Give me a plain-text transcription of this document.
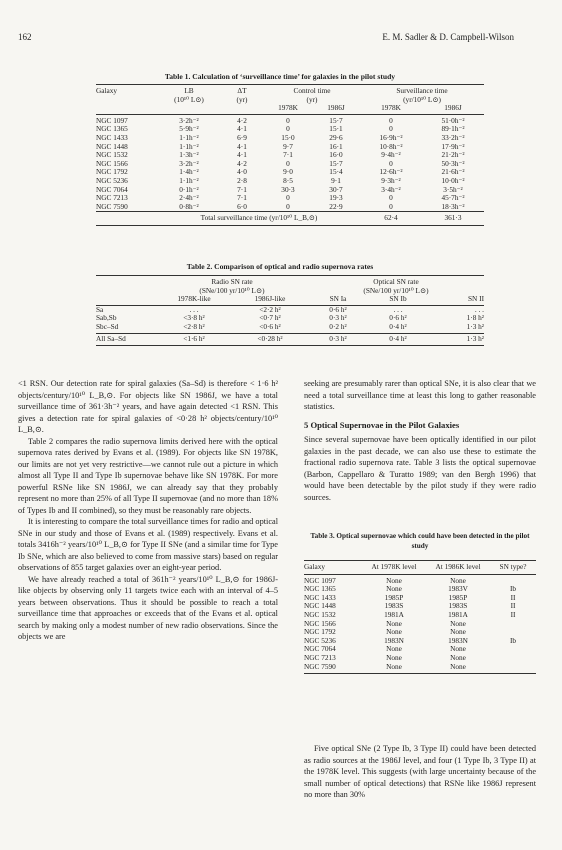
162	E. M. Sadler & D. Campbell-Wilson
Table 1. Calculation of ‘surveillance time’ for galaxies in the pilot study
Galaxy	LB	ΔT	Control time		Surveillance time	
	(10¹⁰ L⊙)	(yr)	(yr)		(yr/10¹⁰ L⊙)	
			1978K	1986J	1978K	1986J
NGC 1097	3·2h⁻²	4·2	0	15·7	0	51·0h⁻²
NGC 1365	5·9h⁻²	4·1	0	15·1	0	89·1h⁻²
NGC 1433	1·1h⁻²	6·9	15·0	29·6	16·9h⁻²	33·2h⁻²
NGC 1448	1·1h⁻²	4·1	9·7	16·1	10·8h⁻²	17·9h⁻²
NGC 1532	1·3h⁻²	4·1	7·1	16·0	9·4h⁻²	21·2h⁻²
NGC 1566	3·2h⁻²	4·2	0	15·7	0	50·3h⁻²
NGC 1792	1·4h⁻²	4·0	9·0	15·4	12·6h⁻²	21·6h⁻²
NGC 5236	1·1h⁻²	2·8	8·5	9·1	9·3h⁻²	10·0h⁻²
NGC 7064	0·1h⁻²	7·1	30·3	30·7	3·4h⁻²	3·5h⁻²
NGC 7213	2·4h⁻²	7·1	0	19·3	0	45·7h⁻²
NGC 7590	0·8h⁻²	6·0	0	22·9	0	18·3h⁻²
	Total surveillance time (yr/10¹⁰ L_B,⊙)				62·4	361·3
Table 2. Comparison of optical and radio supernova rates
	Radio SN rate		Optical SN rate		
	(SNe/100 yr/10¹⁰ L⊙)		(SNe/100 yr/10¹⁰ L⊙)		
	1978K-like	1986J-like	SN Ia	SN Ib	SN II
Sa	. . .	<2·2 h²	0·6 h²	. . .	. . .
Sab,Sb	<3·8 h²	<0·7 h²	0·3 h²	0·6 h²	1·8 h²
Sbc–Sd	<2·8 h²	<0·6 h²	0·2 h²	0·4 h²	1·3 h²
All Sa–Sd	<1·6 h²	<0·28 h²	0·3 h²	0·4 h²	1·3 h²

<1 RSN. Our detection rate for spiral galaxies (Sa–Sd) is therefore < 1·6 h² objects/century/10¹⁰ L_B,⊙. For objects like SN 1986J, we have a total surveillance time of 361·3h⁻² years, and have again detected <1 RSN. This gives a detection rate for spiral galaxies of <0·28 h² objects/century/10¹⁰ L_B,⊙.

Table 2 compares the radio supernova limits derived here with the optical supernova rates derived by Evans et al. (1989). For objects like SN 1978K, our limits are not yet very restrictive—we cannot rule out a picture in which almost all Type II and Type Ib supernovae behave like SN 1978K. For more powerful RSNe like SN 1986J, we can already say that they probably represent no more than 25% of all Type II supernovae (and no more than 18% of Types Ib and II combined), so they must be reasonably rare objects.

It is interesting to compare the total surveillance times for radio and optical SNe in our study and those of Evans et al. (1989) respectively. Evans et al. totals 3416h⁻² years/10¹⁰ L_B,⊙ for Type II SNe (and a similar time for Type Ib SNe, which are also believed to come from massive stars) based on regular observations of 855 target galaxies over an eight-year period.

We have already reached a total of 361h⁻² years/10¹⁰ L_B,⊙ for 1986J-like objects by observing only 11 targets twice each with an interval of 4–5 years between observations. Thus it should be possible to reach a total surveillance time that approaches or exceeds that of the Evans et al. optical search by making only a modest number of new radio observations. Since the objects we are

seeking are presumably rarer than optical SNe, it is also clear that we need a total surveillance time at least this long to gather reasonable statistics.

5 Optical Supernovae in the Pilot Galaxies

Since several supernovae have been optically identified in our pilot galaxies in the past decade, we can also use these to estimate the fractional radio supernova rate. Table 3 lists the optical supernovae (Barbon, Cappellaro & Turatto 1989; van den Bergh 1996) that would have been detectable by the pilot study if they were radio sources.

Table 3. Optical supernovae which could have been detected in the pilot study
Galaxy	At 1978K level	At 1986K level	SN type?
NGC 1097	None	None	
NGC 1365	None	1983V	Ib
NGC 1433	1985P	1985P	II
NGC 1448	1983S	1983S	II
NGC 1532	1981A	1981A	II
NGC 1566	None	None	
NGC 1792	None	None	
NGC 5236	1983N	1983N	Ib
NGC 7064	None	None	
NGC 7213	None	None	
NGC 7590	None	None	

Five optical SNe (2 Type Ib, 3 Type II) could have been detected as radio sources at the 1986J level, and four (1 Type Ib, 3 Type II) at the 1978K level. This suggests (with large uncertainty because of the small number of optical detections) that RSNe like 1986J represent no more than 30%
